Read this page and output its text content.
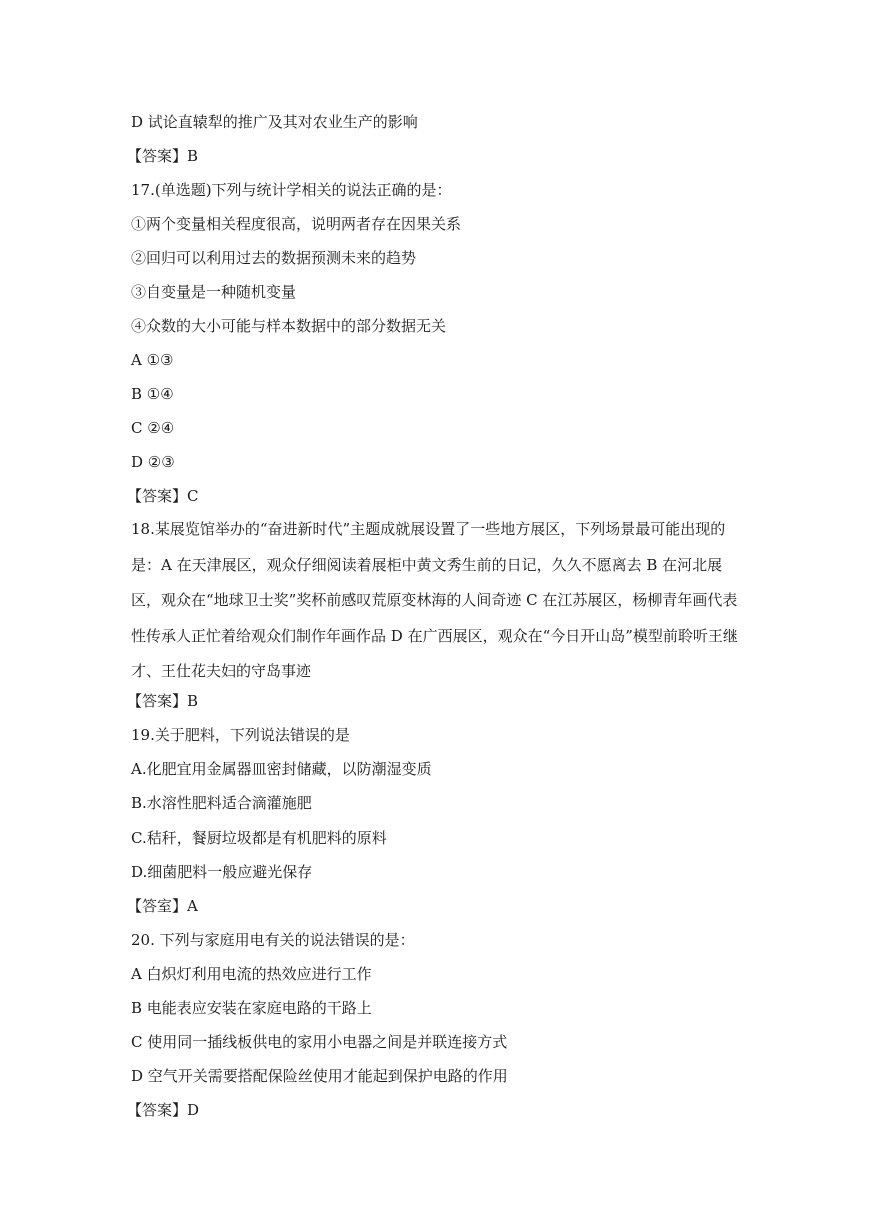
D 试论直辕犁的推广及其对农业生产的影响
【答案】B
17.(单选题)下列与统计学相关的说法正确的是：
①两个变量相关程度很高，说明两者存在因果关系
②回归可以利用过去的数据预测未来的趋势
③自变量是一种随机变量
④众数的大小可能与样本数据中的部分数据无关
A ①③
B ①④
C ②④
D ②③
【答案】C
18.某展览馆举办的“奋进新时代”主题成就展设置了一些地方展区，下列场景最可能出现的是：A 在天津展区，观众仔细阅读着展柜中黄文秀生前的日记，久久不愿离去 B 在河北展区，观众在“地球卫士奖”奖杯前感叹荒原变林海的人间奇迹 C 在江苏展区，杨柳青年画代表性传承人正忙着给观众们制作年画作品 D 在广西展区，观众在“今日开山岛”模型前聆听王继才、王仕花夫妇的守岛事迹
【答案】B
19.关于肥料，下列说法错误的是
A.化肥宜用金属器皿密封储藏，以防潮湿变质
B.水溶性肥料适合滴灌施肥
C.秸秆，餐厨垃圾都是有机肥料的原料
D.细菌肥料一般应避光保存
【答室】A
20. 下列与家庭用电有关的说法错误的是：
A 白炽灯利用电流的热效应进行工作
B 电能表应安装在家庭电路的干路上
C 使用同一插线板供电的家用小电器之间是并联连接方式
D 空气开关需要搭配保险丝使用才能起到保护电路的作用
【答案】D
